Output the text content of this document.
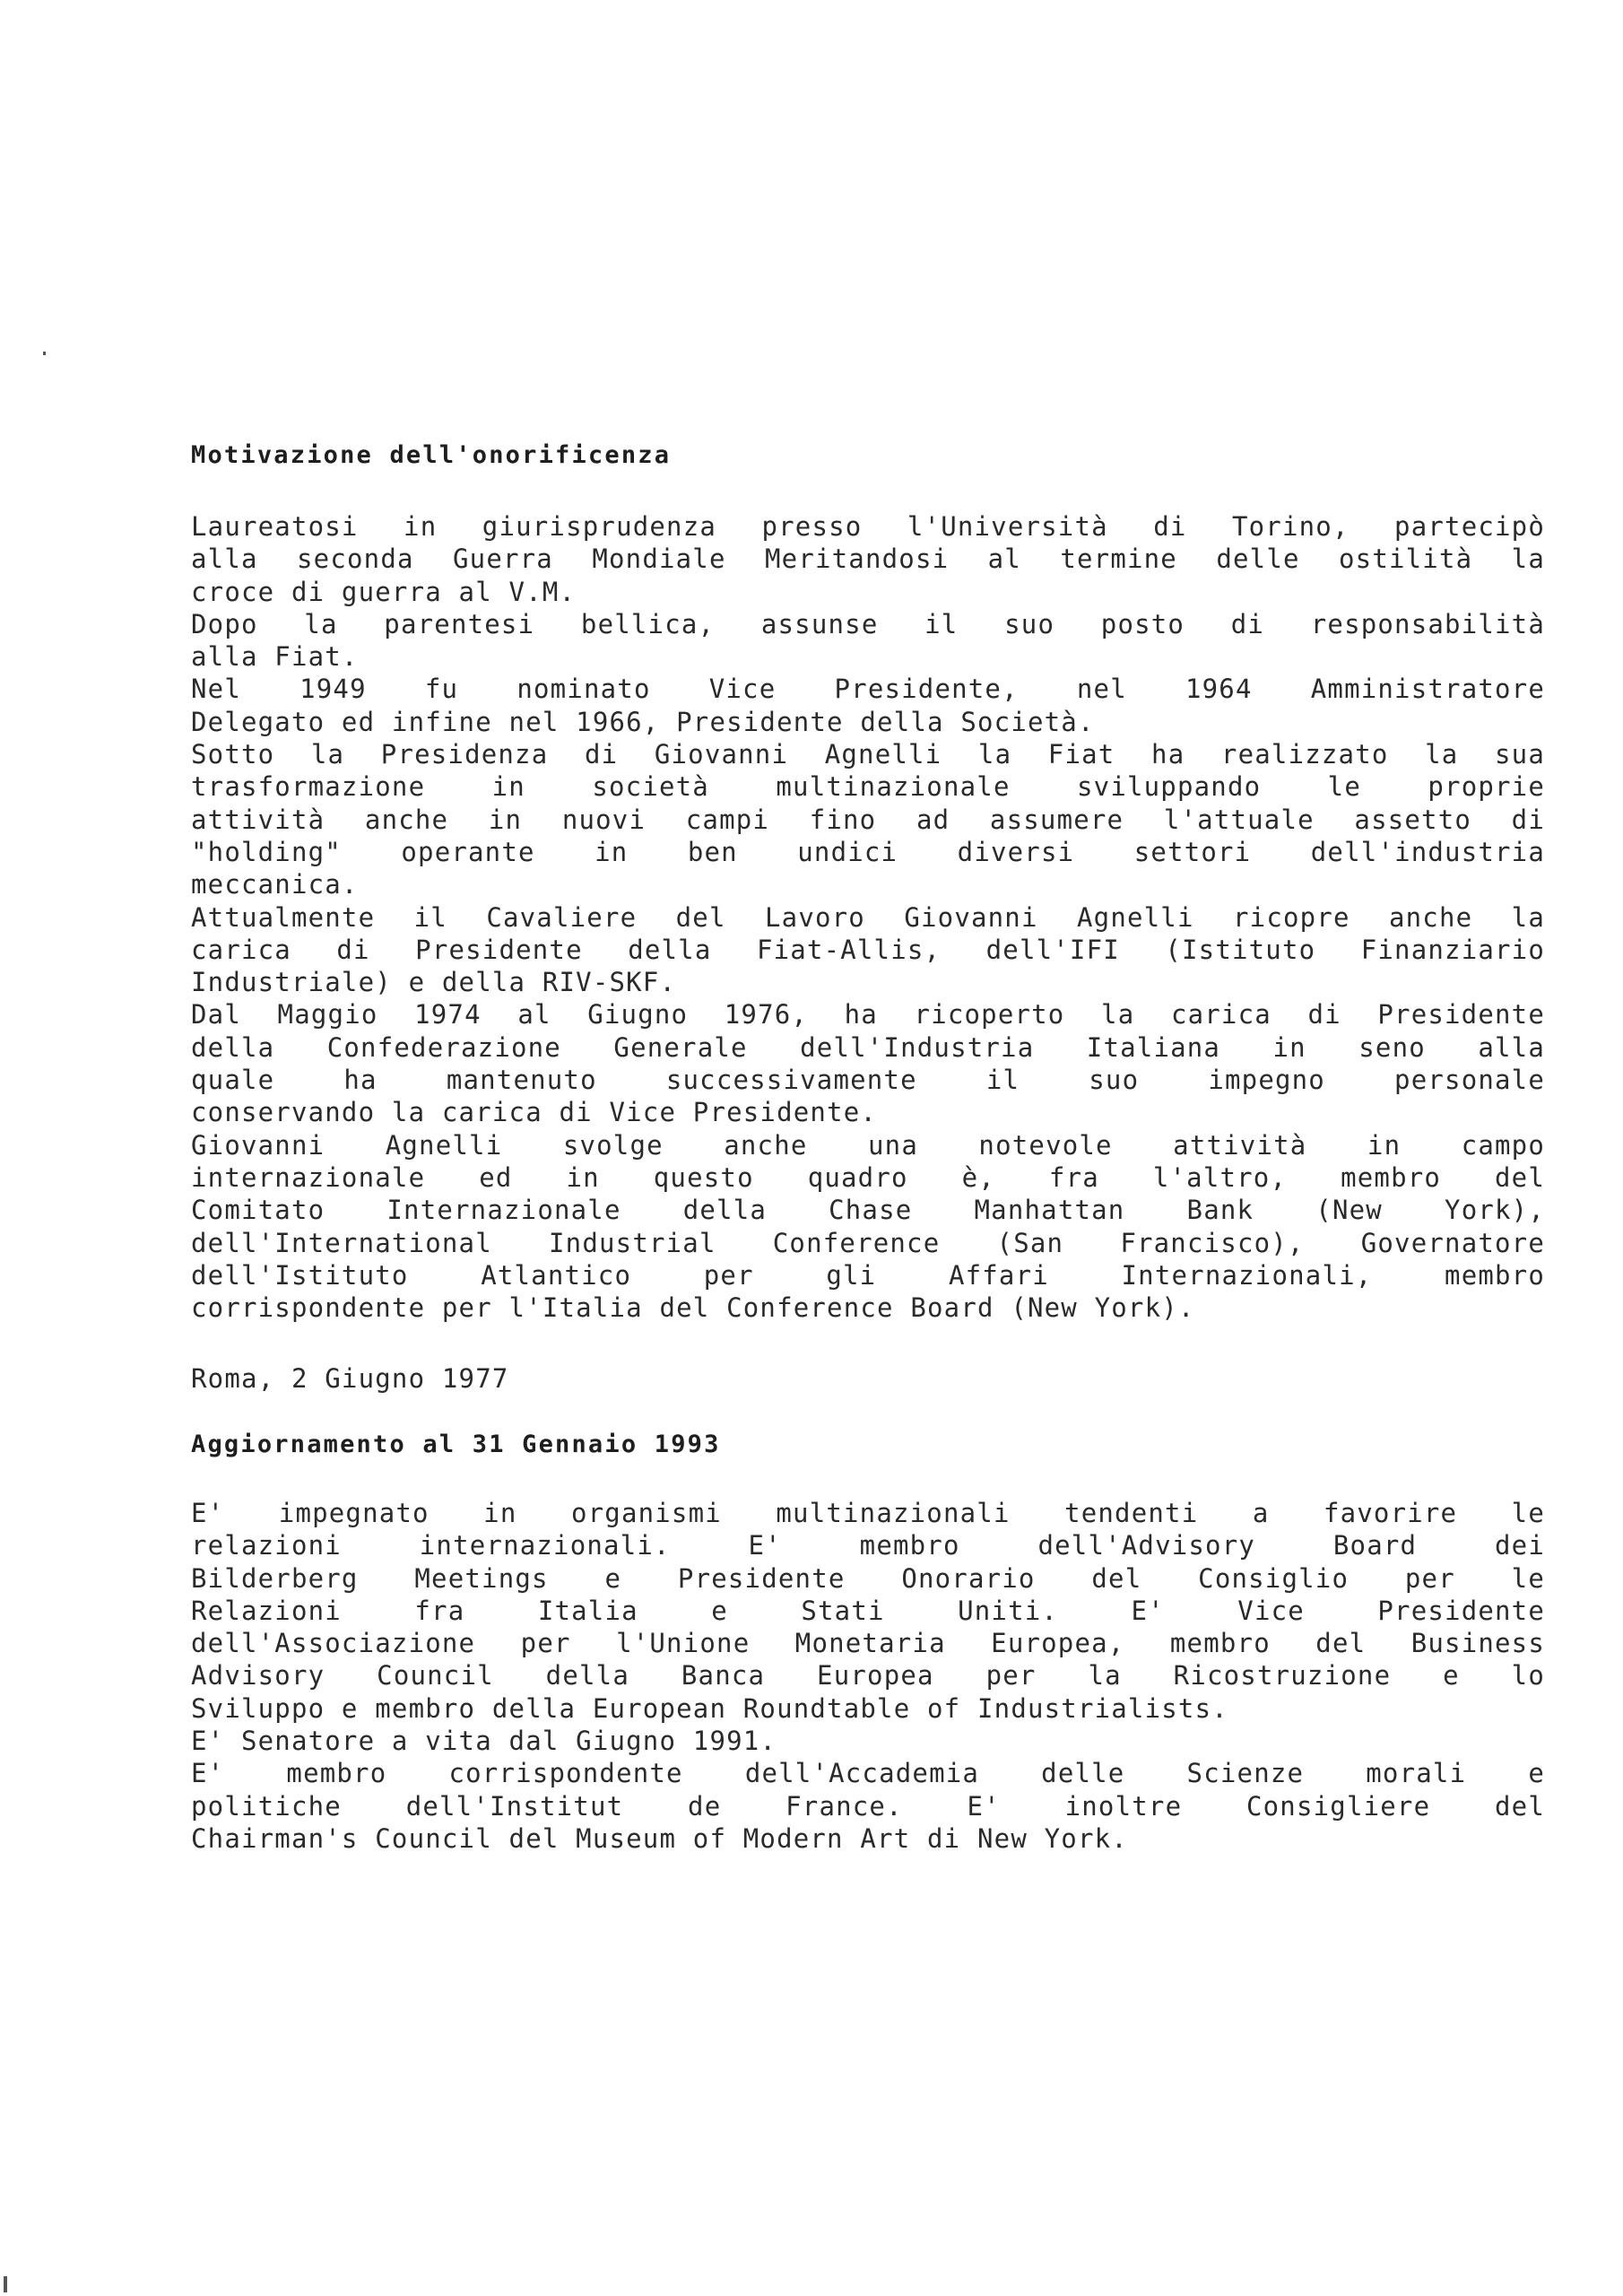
Motivazione dell'onorificenza
Laureatosi in giurisprudenza presso l'Università di Torino, partecipò
alla seconda Guerra Mondiale Meritandosi al termine delle ostilità la
croce di guerra al V.M.
Dopo la parentesi bellica, assunse il suo posto di responsabilità
alla Fiat.
Nel 1949 fu nominato Vice Presidente, nel 1964 Amministratore
Delegato ed infine nel 1966, Presidente della Società.
Sotto la Presidenza di Giovanni Agnelli la Fiat ha realizzato la sua
trasformazione in società multinazionale sviluppando le proprie
attività anche in nuovi campi fino ad assumere l'attuale assetto di
"holding" operante in ben undici diversi settori dell'industria
meccanica.
Attualmente il Cavaliere del Lavoro Giovanni Agnelli ricopre anche la
carica di Presidente della Fiat-Allis, dell'IFI (Istituto Finanziario
Industriale) e della RIV-SKF.
Dal Maggio 1974 al Giugno 1976, ha ricoperto la carica di Presidente
della Confederazione Generale dell'Industria Italiana in seno alla
quale ha mantenuto successivamente il suo impegno personale
conservando la carica di Vice Presidente.
Giovanni Agnelli svolge anche una notevole attività in campo
internazionale ed in questo quadro è, fra l'altro, membro del
Comitato Internazionale della Chase Manhattan Bank (New York),
dell'International Industrial Conference (San Francisco), Governatore
dell'Istituto Atlantico per gli Affari Internazionali, membro
corrispondente per l'Italia del Conference Board (New York).
Roma, 2 Giugno 1977
Aggiornamento al 31 Gennaio 1993
E' impegnato in organismi multinazionali tendenti a favorire le
relazioni internazionali. E' membro dell'Advisory Board dei
Bilderberg Meetings e Presidente Onorario del Consiglio per le
Relazioni fra Italia e Stati Uniti. E' Vice Presidente
dell'Associazione per l'Unione Monetaria Europea, membro del Business
Advisory Council della Banca Europea per la Ricostruzione e lo
Sviluppo e membro della European Roundtable of Industrialists.
E' Senatore a vita dal Giugno 1991.
E' membro corrispondente dell'Accademia delle Scienze morali e
politiche dell'Institut de France. E' inoltre Consigliere del
Chairman's Council del Museum of Modern Art di New York.
